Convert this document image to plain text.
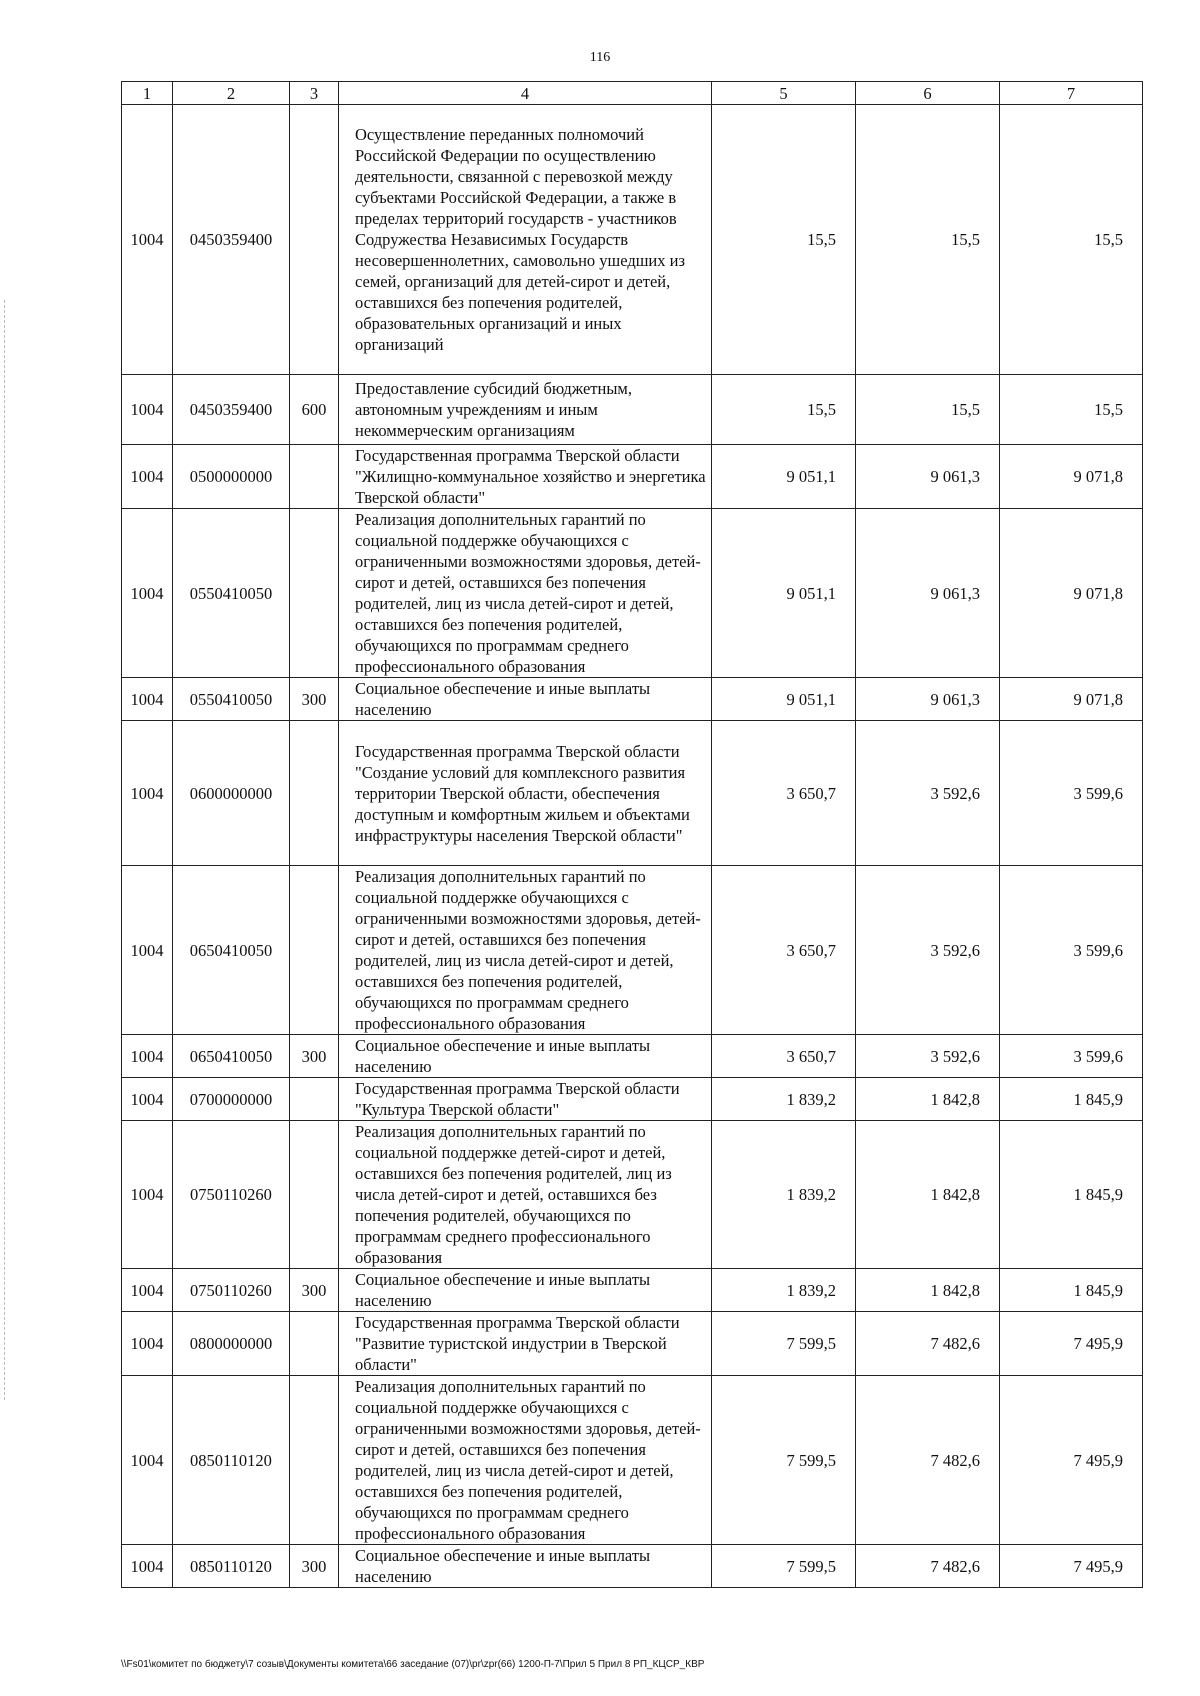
116
1	2	3	4	5	6	7
1004	0450359400		Осуществление переданных полномочий Российской Федерации по осуществлению деятельности, связанной с перевозкой между субъектами Российской Федерации, а также в пределах территорий государств - участников Содружества Независимых Государств несовершеннолетних, самовольно ушедших из семей, организаций для детей-сирот и детей, оставшихся без попечения родителей, образовательных организаций и иных организаций	15,5	15,5	15,5
1004	0450359400	600	Предоставление субсидий бюджетным, автономным учреждениям и иным некоммерческим организациям	15,5	15,5	15,5
1004	0500000000		Государственная программа Тверской области "Жилищно-коммунальное хозяйство и энергетика Тверской области"	9 051,1	9 061,3	9 071,8
1004	0550410050		Реализация дополнительных гарантий по социальной поддержке обучающихся с ограниченными возможностями здоровья, детей-сирот и детей, оставшихся без попечения родителей, лиц из числа детей-сирот и детей, оставшихся без попечения родителей, обучающихся по программам среднего профессионального образования	9 051,1	9 061,3	9 071,8
1004	0550410050	300	Социальное обеспечение и иные выплаты населению	9 051,1	9 061,3	9 071,8
1004	0600000000		Государственная программа Тверской области "Создание условий для комплексного развития территории Тверской области, обеспечения доступным и комфортным жильем и объектами инфраструктуры населения Тверской области"	3 650,7	3 592,6	3 599,6
1004	0650410050		Реализация дополнительных гарантий по социальной поддержке обучающихся с ограниченными возможностями здоровья, детей-сирот и детей, оставшихся без попечения родителей, лиц из числа детей-сирот и детей, оставшихся без попечения родителей, обучающихся по программам среднего профессионального образования	3 650,7	3 592,6	3 599,6
1004	0650410050	300	Социальное обеспечение и иные выплаты населению	3 650,7	3 592,6	3 599,6
1004	0700000000		Государственная программа Тверской области "Культура Тверской области"	1 839,2	1 842,8	1 845,9
1004	0750110260		Реализация дополнительных гарантий по социальной поддержке детей-сирот и детей, оставшихся без попечения родителей, лиц из числа детей-сирот и детей, оставшихся без попечения родителей, обучающихся по программам среднего профессионального образования	1 839,2	1 842,8	1 845,9
1004	0750110260	300	Социальное обеспечение и иные выплаты населению	1 839,2	1 842,8	1 845,9
1004	0800000000		Государственная программа Тверской области "Развитие туристской индустрии в Тверской области"	7 599,5	7 482,6	7 495,9
1004	0850110120		Реализация дополнительных гарантий по социальной поддержке обучающихся с ограниченными возможностями здоровья, детей-сирот и детей, оставшихся без попечения родителей, лиц из числа детей-сирот и детей, оставшихся без попечения родителей, обучающихся по программам среднего профессионального образования	7 599,5	7 482,6	7 495,9
1004	0850110120	300	Социальное обеспечение и иные выплаты населению	7 599,5	7 482,6	7 495,9
\\Fs01\комитет по бюджету\7 созыв\Документы комитета\66 заседание (07)\pr\zpr(66) 1200-П-7\Прил 5 Прил 8 РП_КЦСР_КВР
